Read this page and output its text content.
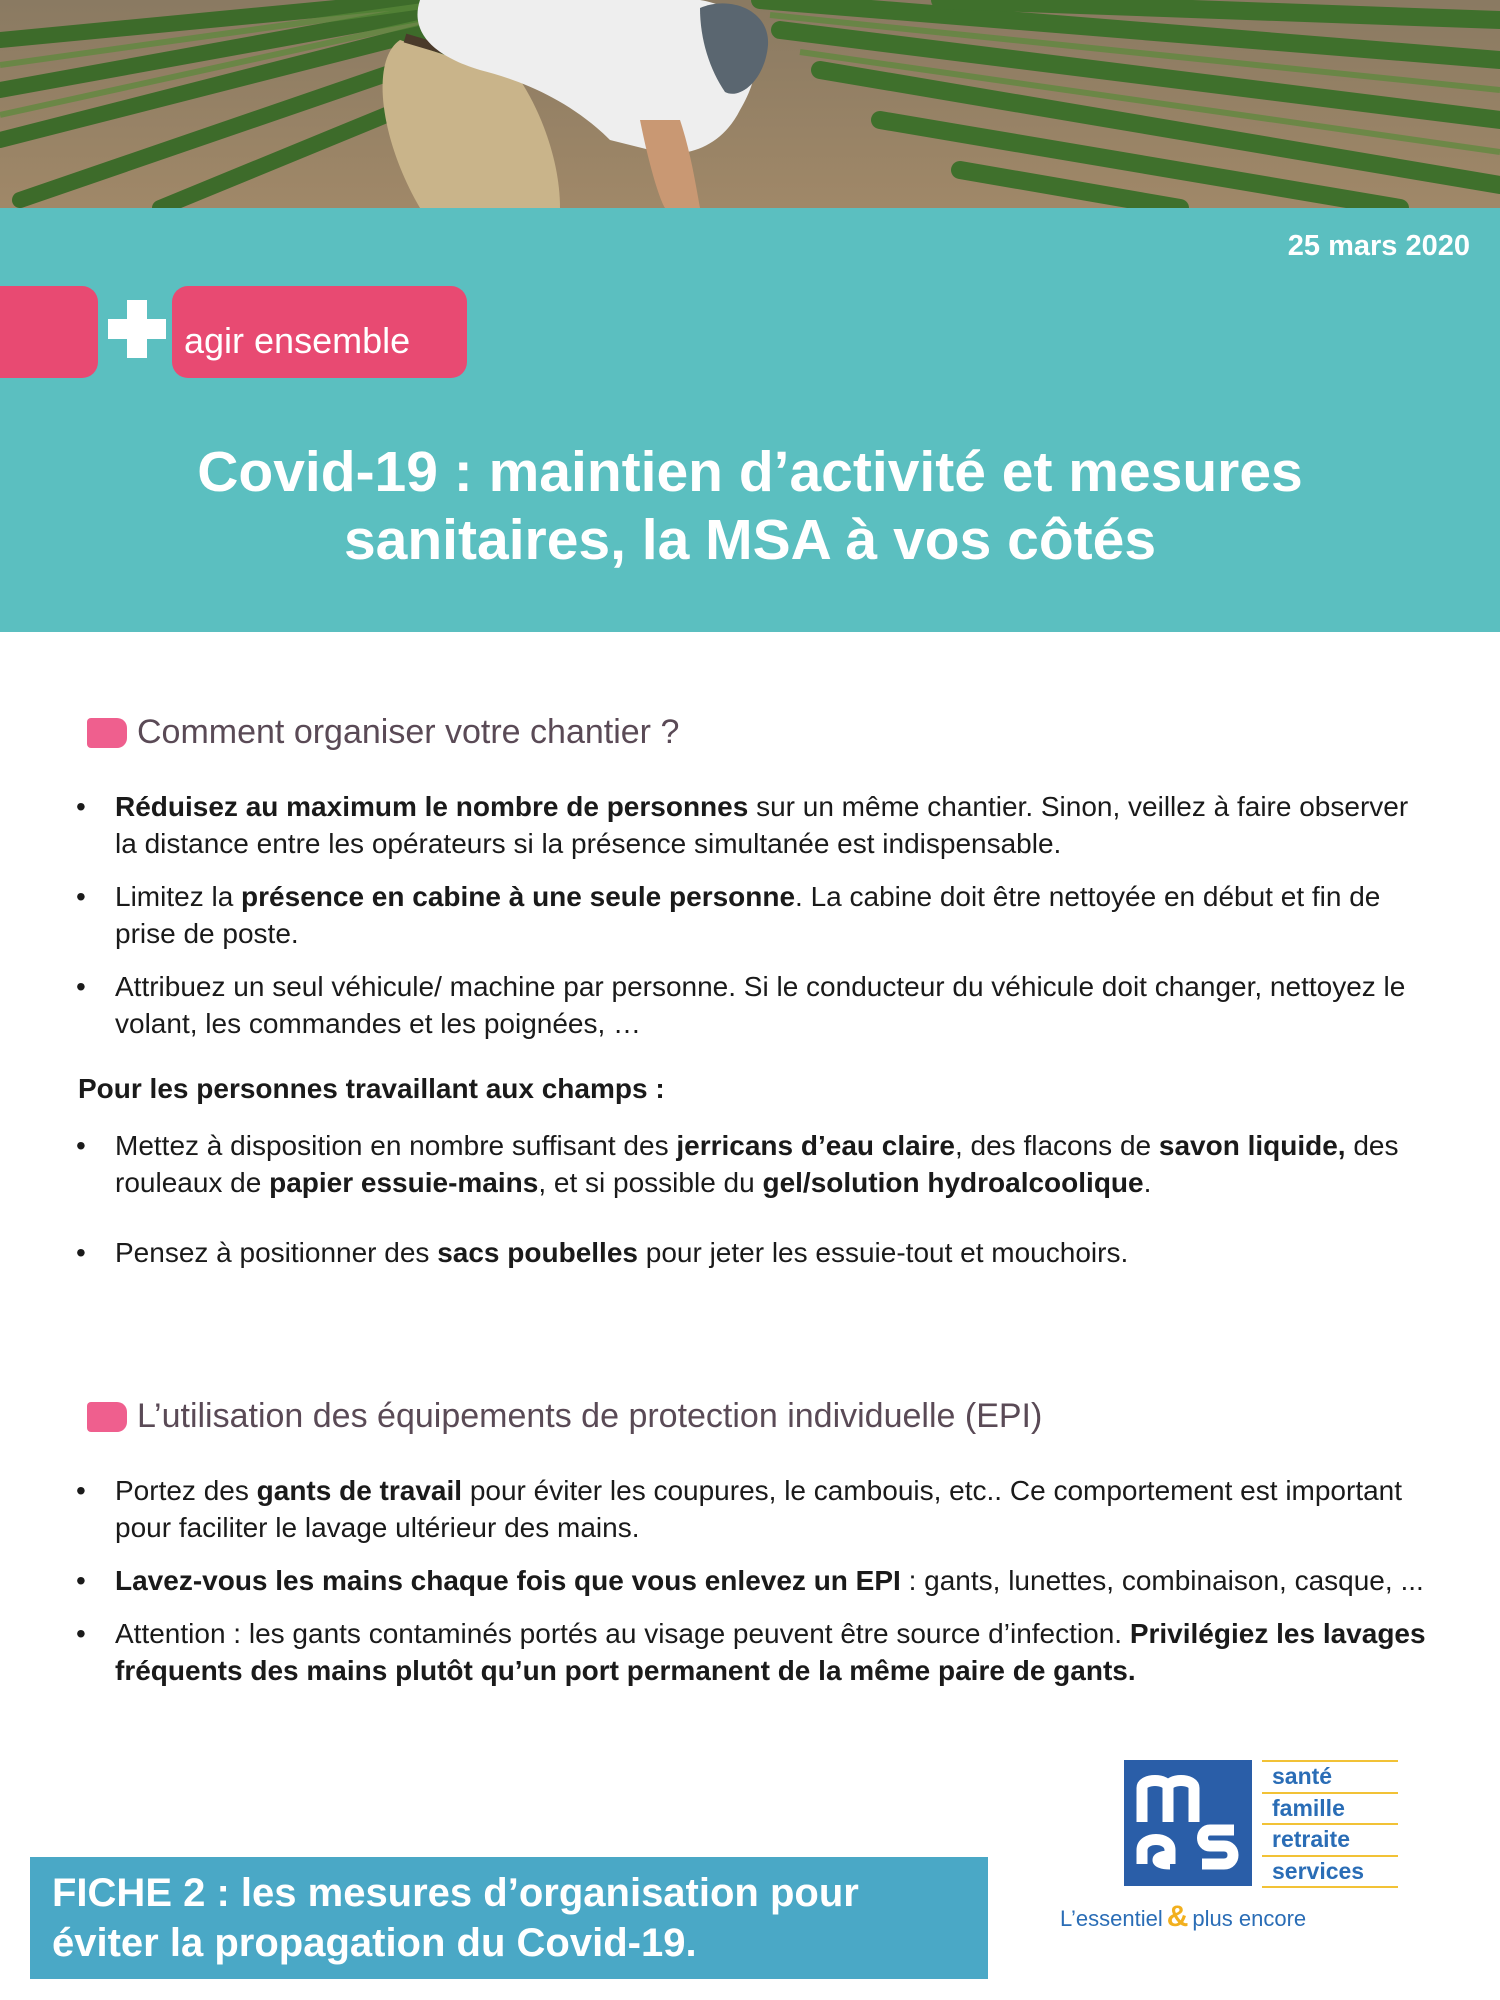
25 mars 2020
agir ensemble
Covid-19 : maintien d’activité et mesures
sanitaires, la MSA à vos côtés
Comment organiser votre chantier ?
• Réduisez au maximum le nombre de personnes sur un même chantier. Sinon, veillez à faire observer la distance entre les opérateurs si la présence simultanée est indispensable.
• Limitez la présence en cabine à une seule personne. La cabine doit être nettoyée en début et fin de prise de poste.
• Attribuez un seul véhicule/ machine par personne. Si le conducteur du véhicule doit changer, nettoyez le volant, les commandes et les poignées, …
Pour les personnes travaillant aux champs :
• Mettez à disposition en nombre suffisant des jerricans d’eau claire, des flacons de savon liquide, des rouleaux de papier essuie-mains, et si possible du gel/solution hydroalcoolique.
• Pensez à positionner des sacs poubelles pour jeter les essuie-tout et mouchoirs.
L’utilisation des équipements de protection individuelle (EPI)
• Portez des gants de travail pour éviter les coupures, le cambouis, etc.. Ce comportement est important pour faciliter le lavage ultérieur des mains.
• Lavez-vous les mains chaque fois que vous enlevez un EPI : gants, lunettes, combinaison, casque, ...
• Attention : les gants contaminés portés au visage peuvent être source d’infection. Privilégiez les lavages fréquents des mains plutôt qu’un port permanent de la même paire de gants.
FICHE 2 : les mesures d’organisation pour
éviter la propagation du Covid-19.
santé
famille
retraite
services
L’essentiel & plus encore
